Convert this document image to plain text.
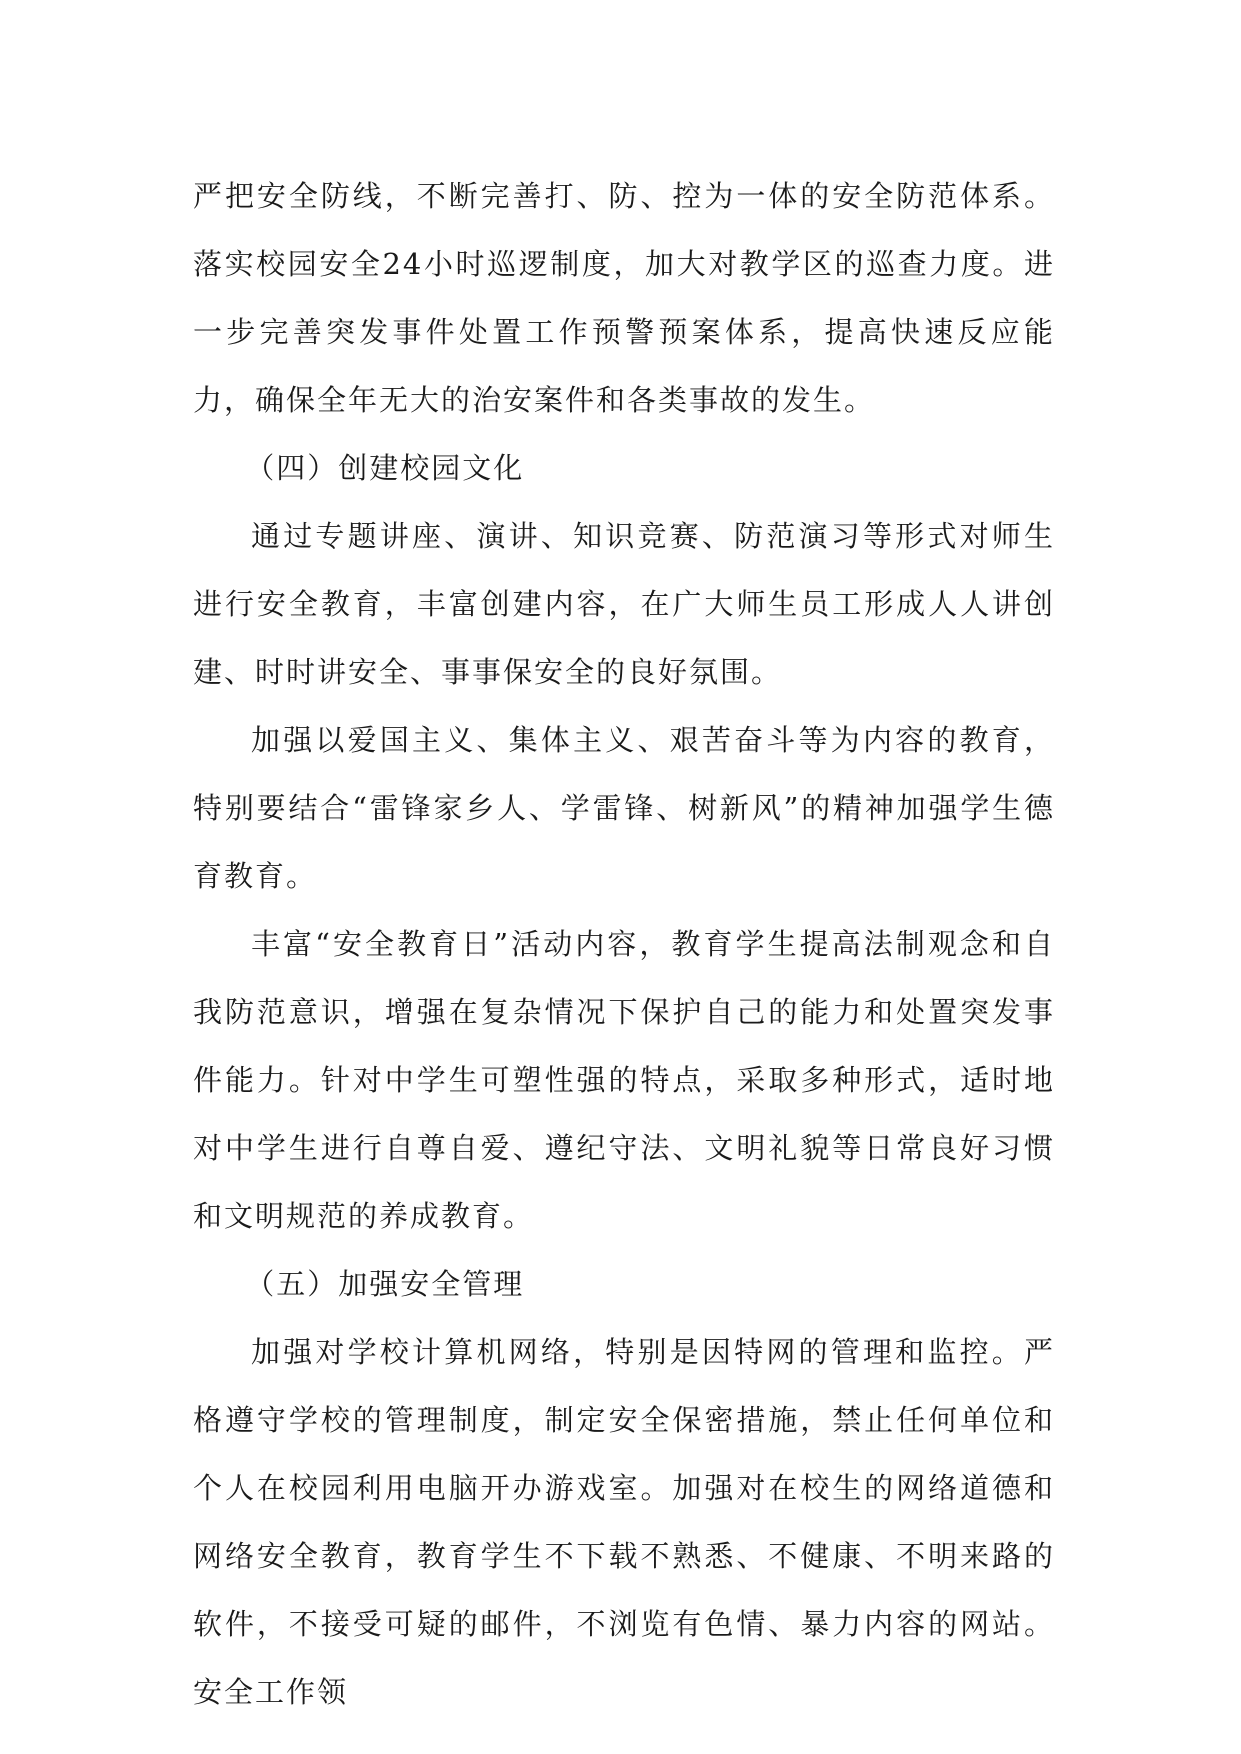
严把安全防线，不断完善打、防、控为一体的安全防范体系。落实校园安全24小时巡逻制度，加大对教学区的巡查力度。进一步完善突发事件处置工作预警预案体系，提高快速反应能力，确保全年无大的治安案件和各类事故的发生。

（四）创建校园文化

通过专题讲座、演讲、知识竞赛、防范演习等形式对师生进行安全教育，丰富创建内容，在广大师生员工形成人人讲创建、时时讲安全、事事保安全的良好氛围。

加强以爱国主义、集体主义、艰苦奋斗等为内容的教育，特别要结合“雷锋家乡人、学雷锋、树新风”的精神加强学生德育教育。

丰富“安全教育日”活动内容，教育学生提高法制观念和自我防范意识，增强在复杂情况下保护自己的能力和处置突发事件能力。针对中学生可塑性强的特点，采取多种形式，适时地对中学生进行自尊自爱、遵纪守法、文明礼貌等日常良好习惯和文明规范的养成教育。

（五）加强安全管理

加强对学校计算机网络，特别是因特网的管理和监控。严格遵守学校的管理制度，制定安全保密措施，禁止任何单位和个人在校园利用电脑开办游戏室。加强对在校生的网络道德和网络安全教育，教育学生不下载不熟悉、不健康、不明来路的软件，不接受可疑的邮件，不浏览有色情、暴力内容的网站。安全工作领
